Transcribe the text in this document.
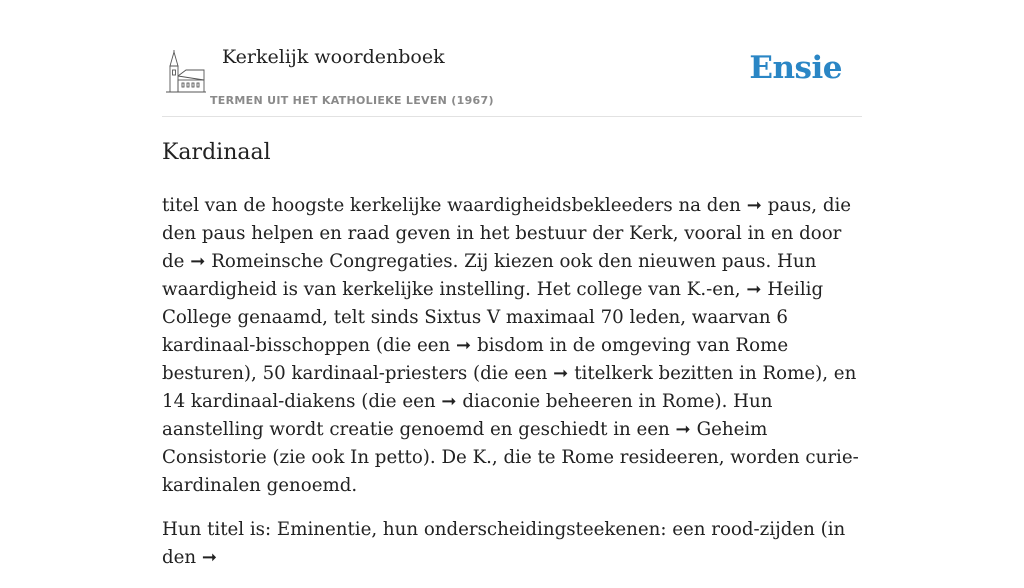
Kerkelijk woordenboek
TERMEN UIT HET KATHOLIEKE LEVEN (1967)
Ensie
Kardinaal

titel van de hoogste kerkelijke waardigheidsbekleeders na den ➞ paus, die den paus helpen en raad geven in het bestuur der Kerk, vooral in en door de ➞ Romeinsche Congregaties. Zij kiezen ook den nieuwen paus. Hun waardigheid is van kerkelijke instelling. Het college van K.-en, ➞ Heilig College genaamd, telt sinds Sixtus V maximaal 70 leden, waarvan 6 kardinaal-bisschoppen (die een ➞ bisdom in de omgeving van Rome besturen), 50 kardinaal-priesters (die een ➞ titelkerk bezitten in Rome), en 14 kardinaal-diakens (die een ➞ diaconie beheeren in Rome). Hun aanstelling wordt creatie genoemd en geschiedt in een ➞ Geheim Consistorie (zie ook In petto). De K., die te Rome resideeren, worden curie-kardinalen genoemd.

Hun titel is: Eminentie, hun onderscheidingsteekenen: een rood-zijden (in den ➞
